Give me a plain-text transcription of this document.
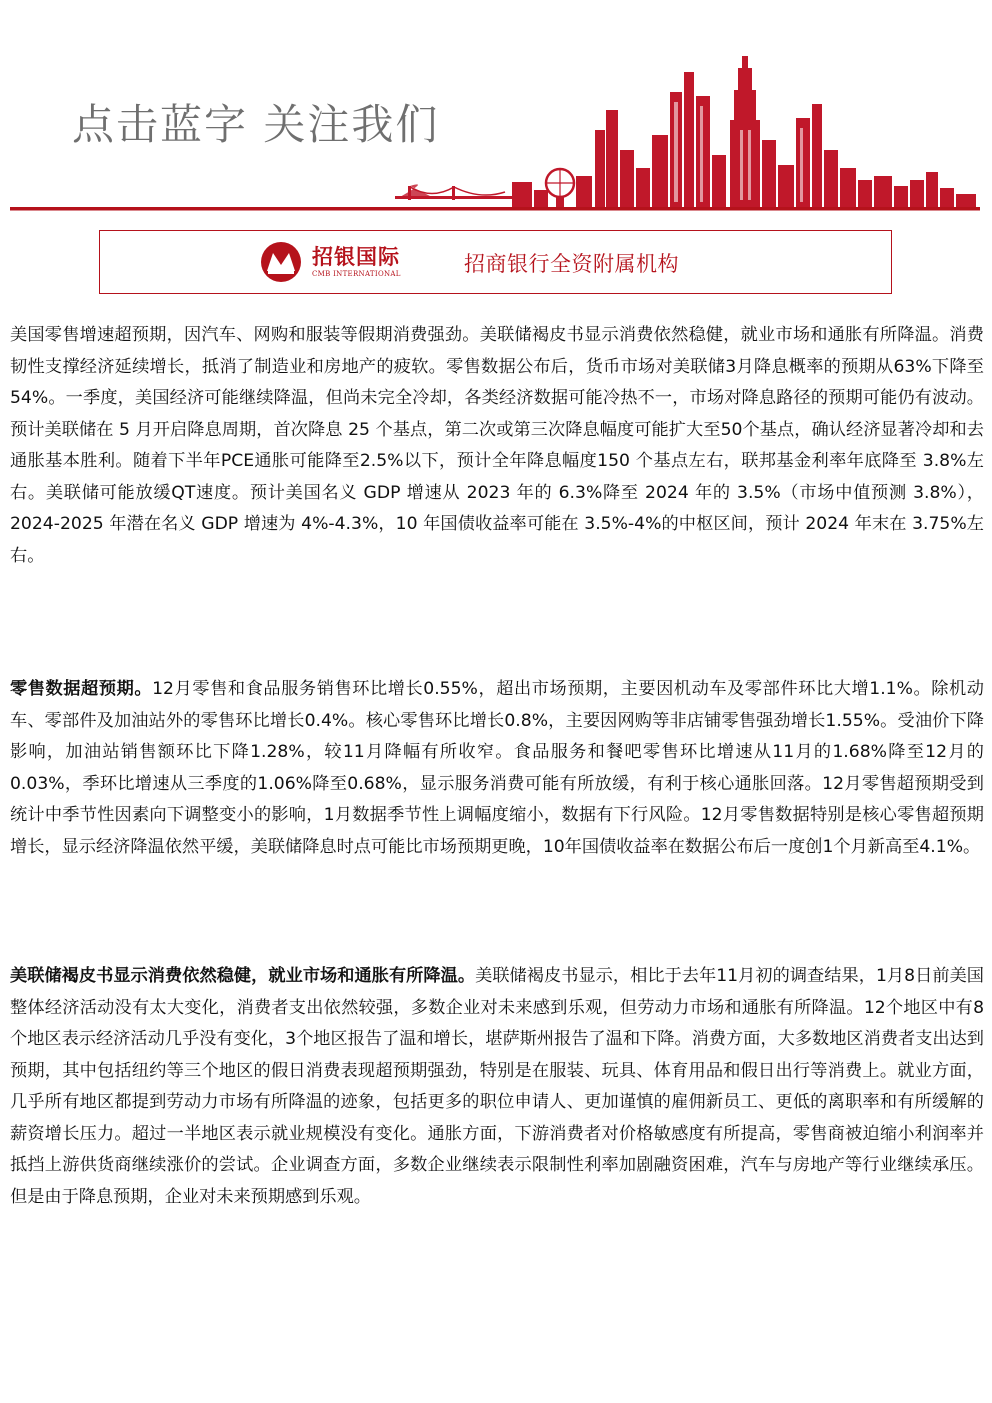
点击蓝字 关注我们
招银国际
CMB INTERNATIONAL	招商银行全资附属机构

美国零售增速超预期，因汽车、网购和服装等假期消费强劲。美联储褐皮书显示消费依然稳健，就业市场和通胀有所降温。消费韧性支撑经济延续增长，抵消了制造业和房地产的疲软。零售数据公布后，货币市场对美联储3月降息概率的预期从63%下降至54%。一季度，美国经济可能继续降温，但尚未完全冷却，各类经济数据可能冷热不一，市场对降息路径的预期可能仍有波动。预计美联储在 5 月开启降息周期，首次降息 25 个基点，第二次或第三次降息幅度可能扩大至50个基点，确认经济显著冷却和去通胀基本胜利。随着下半年PCE通胀可能降至2.5%以下，预计全年降息幅度150 个基点左右，联邦基金利率年底降至 3.8%左右。美联储可能放缓QT速度。预计美国名义 GDP 增速从 2023 年的 6.3%降至 2024 年的 3.5%（市场中值预测 3.8%），2024-2025 年潜在名义 GDP 增速为 4%-4.3%，10 年国债收益率可能在 3.5%-4%的中枢区间，预计 2024 年末在 3.75%左右。

零售数据超预期。12月零售和食品服务销售环比增长0.55%，超出市场预期，主要因机动车及零部件环比大增1.1%。除机动车、零部件及加油站外的零售环比增长0.4%。核心零售环比增长0.8%，主要因网购等非店铺零售强劲增长1.55%。受油价下降影响，加油站销售额环比下降1.28%，较11月降幅有所收窄。食品服务和餐吧零售环比增速从11月的1.68%降至12月的0.03%，季环比增速从三季度的1.06%降至0.68%，显示服务消费可能有所放缓，有利于核心通胀回落。12月零售超预期受到统计中季节性因素向下调整变小的影响，1月数据季节性上调幅度缩小，数据有下行风险。12月零售数据特别是核心零售超预期增长，显示经济降温依然平缓，美联储降息时点可能比市场预期更晚，10年国债收益率在数据公布后一度创1个月新高至4.1%。

美联储褐皮书显示消费依然稳健，就业市场和通胀有所降温。美联储褐皮书显示，相比于去年11月初的调查结果，1月8日前美国整体经济活动没有太大变化，消费者支出依然较强，多数企业对未来感到乐观，但劳动力市场和通胀有所降温。12个地区中有8个地区表示经济活动几乎没有变化，3个地区报告了温和增长，堪萨斯州报告了温和下降。消费方面，大多数地区消费者支出达到预期，其中包括纽约等三个地区的假日消费表现超预期强劲，特别是在服装、玩具、体育用品和假日出行等消费上。就业方面，几乎所有地区都提到劳动力市场有所降温的迹象，包括更多的职位申请人、更加谨慎的雇佣新员工、更低的离职率和有所缓解的薪资增长压力。超过一半地区表示就业规模没有变化。通胀方面，下游消费者对价格敏感度有所提高，零售商被迫缩小利润率并抵挡上游供货商继续涨价的尝试。企业调查方面，多数企业继续表示限制性利率加剧融资困难，汽车与房地产等行业继续承压。但是由于降息预期，企业对未来预期感到乐观。
